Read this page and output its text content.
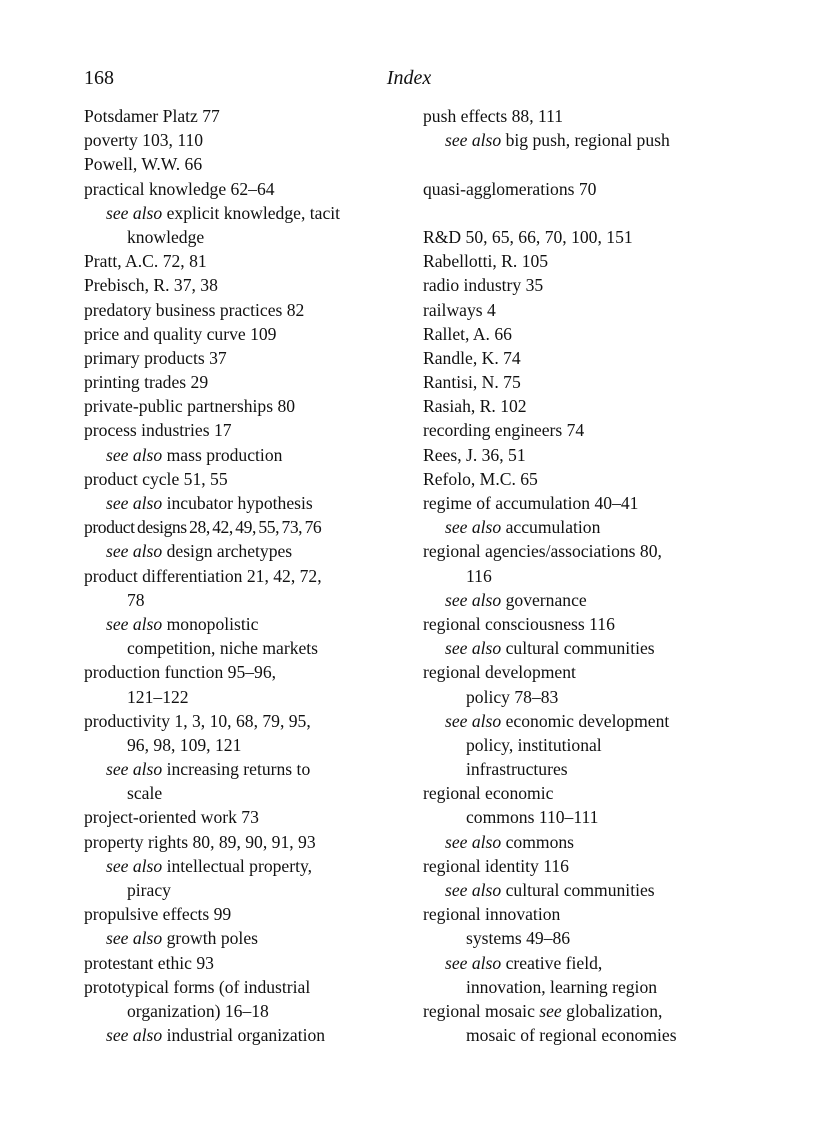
168	Index
Potsdamer Platz 77
poverty 103, 110
Powell, W.W. 66
practical knowledge 62–64
see also explicit knowledge, tacit
knowledge
Pratt, A.C. 72, 81
Prebisch, R. 37, 38
predatory business practices 82
price and quality curve 109
primary products 37
printing trades 29
private-public partnerships 80
process industries 17
see also mass production
product cycle 51, 55
see also incubator hypothesis
product designs 28, 42, 49, 55, 73, 76
see also design archetypes
product differentiation 21, 42, 72,
78
see also monopolistic
competition, niche markets
production function 95–96,
121–122
productivity 1, 3, 10, 68, 79, 95,
96, 98, 109, 121
see also increasing returns to
scale
project-oriented work 73
property rights 80, 89, 90, 91, 93
see also intellectual property,
piracy
propulsive effects 99
see also growth poles
protestant ethic 93
prototypical forms (of industrial
organization) 16–18
see also industrial organization
push effects 88, 111
see also big push, regional push
quasi-agglomerations 70
R&D 50, 65, 66, 70, 100, 151
Rabellotti, R. 105
radio industry 35
railways 4
Rallet, A. 66
Randle, K. 74
Rantisi, N. 75
Rasiah, R. 102
recording engineers 74
Rees, J. 36, 51
Refolo, M.C. 65
regime of accumulation 40–41
see also accumulation
regional agencies/associations 80,
116
see also governance
regional consciousness 116
see also cultural communities
regional development
policy 78–83
see also economic development
policy, institutional
infrastructures
regional economic
commons 110–111
see also commons
regional identity 116
see also cultural communities
regional innovation
systems 49–86
see also creative field,
innovation, learning region
regional mosaic see globalization,
mosaic of regional economies
